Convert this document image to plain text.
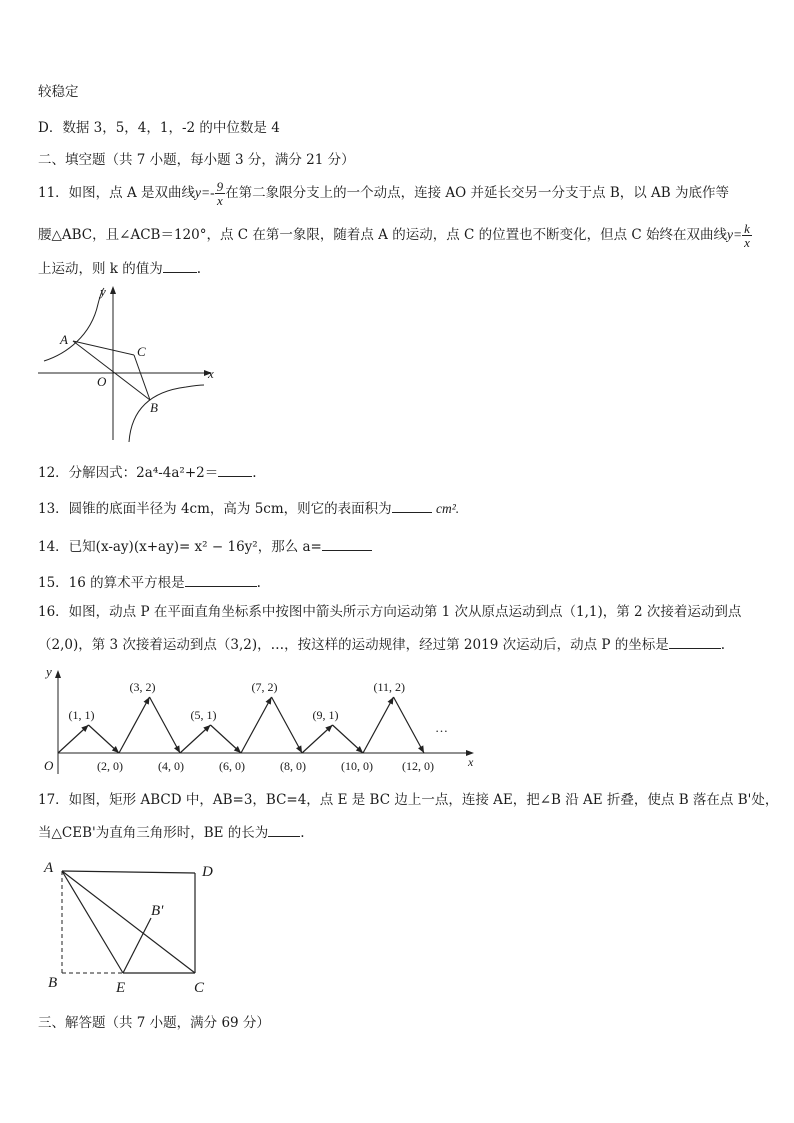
较稳定
D．数据 3，5，4，1，-2 的中位数是 4
二、填空题（共 7 小题，每小题 3 分，满分 21 分）
11．如图，点 A 是双曲线$y=- \frac{9}{x}$ 在第二象限分支上的一个动点，连接 AO 并延长交另一分支于点 B，以 AB 为底作等
腰△ABC，且∠ACB＝120°，点 C 在第一象限，随着点 A 的运动，点 C 的位置也不断变化，但点 C 始终在双曲线$y= \frac{k}{x}$
上运动，则 k 的值为	.
y
x
O
A
C
B
12．分解因式：2a⁴-4a²+2＝	.
13．圆锥的底面半径为 4cm，高为 5cm，则它的表面积为	cm².
14．已知(x-ay)(x+ay)= x² − 16y²，那么 a=
15．16 的算术平方根是	.
16．如图，动点 P 在平面直角坐标系中按图中箭头所示方向运动第 1 次从原点运动到点（1,1)，第 2 次接着运动到点
（2,0)，第 3 次接着运动到点（3,2)，…，按这样的运动规律，经过第 2019 次运动后，动点 P 的坐标是	.
y
x
O
…
(1, 1)
(2, 0)
(3, 2)
(4, 0)
(5, 1)
(6, 0)
(7, 2)
(8, 0)
(9, 1)
(10, 0)
(11, 2)
(12, 0)
17．如图，矩形 ABCD 中，AB=3，BC=4，点 E 是 BC 边上一点，连接 AE，把∠B 沿 AE 折叠，使点 B 落在点 B'处，
当△CEB'为直角三角形时，BE 的长为 .
A	D
B'
B	E	C
三、解答题（共 7 小题，满分 69 分）
